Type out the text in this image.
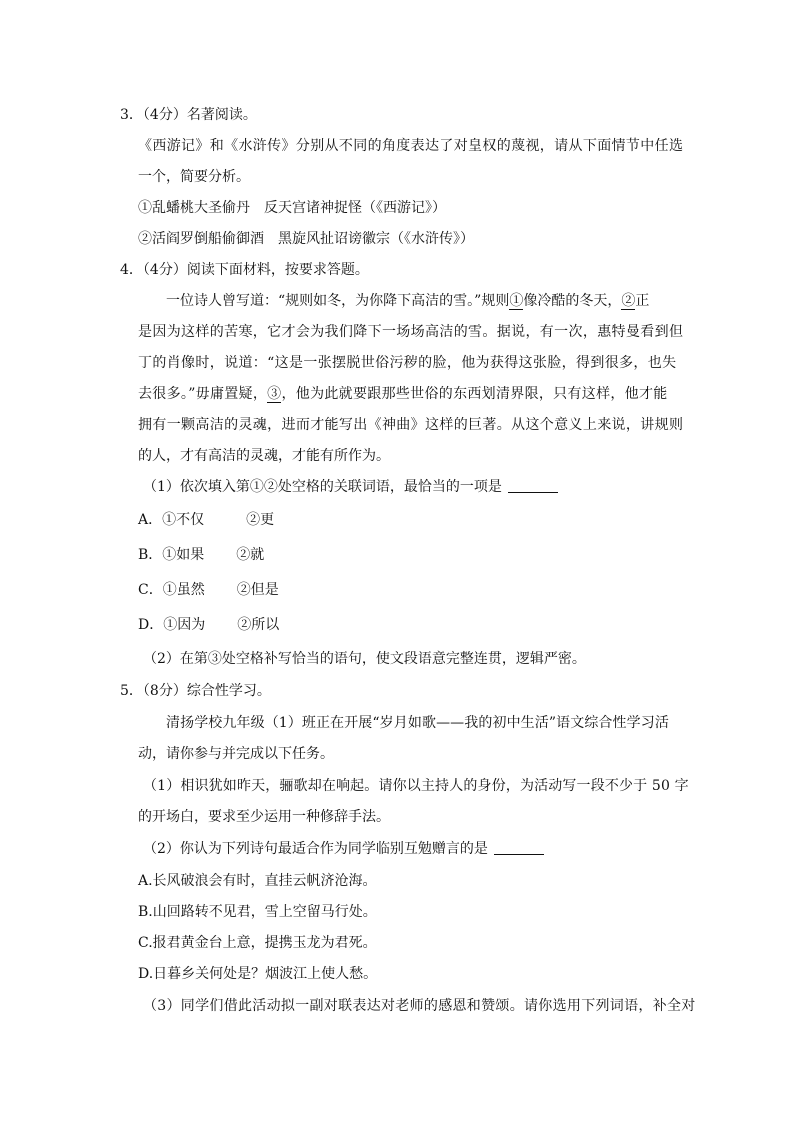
3．（4分）名著阅读。
《西游记》和《水浒传》分别从不同的角度表达了对皇权的蔑视，请从下面情节中任选
一个，简要分析。
①乱蟠桃大圣偷丹　反天宫诸神捉怪（《西游记》）
②活阎罗倒船偷御酒　黑旋风扯诏谤徽宗（《水浒传》）
4．（4分）阅读下面材料，按要求答题。
一位诗人曾写道：“规则如冬，为你降下高洁的雪。”规则①像冷酷的冬天，②正
是因为这样的苦寒，它才会为我们降下一场场高洁的雪。据说，有一次，惠特曼看到但
丁的肖像时，说道：“这是一张摆脱世俗污秽的脸，他为获得这张脸，得到很多，也失
去很多。”毋庸置疑，③，他为此就要跟那些世俗的东西划清界限，只有这样，他才能
拥有一颗高洁的灵魂，进而才能写出《神曲》这样的巨著。从这个意义上来说，讲规则
的人，才有高洁的灵魂，才能有所作为。
（1）依次填入第①②处空格的关联词语，最恰当的一项是
A．①不仅	②更
B．①如果 ②就
C．①虽然 ②但是
D．①因为 ②所以
（2）在第③处空格补写恰当的语句，使文段语意完整连贯，逻辑严密。
5．（8分）综合性学习。
清扬学校九年级（1）班正在开展“岁月如歌——我的初中生活”语文综合性学习活
动，请你参与并完成以下任务。
（1）相识犹如昨天，骊歌却在响起。请你以主持人的身份，为活动写一段不少于 50 字
的开场白，要求至少运用一种修辞手法。
（2）你认为下列诗句最适合作为同学临别互勉赠言的是
A.长风破浪会有时，直挂云帆济沧海。
B.山回路转不见君，雪上空留马行处。
C.报君黄金台上意，提携玉龙为君死。
D.日暮乡关何处是？烟波江上使人愁。
（3）同学们借此活动拟一副对联表达对老师的感恩和赞颂。请你选用下列词语，补全对
